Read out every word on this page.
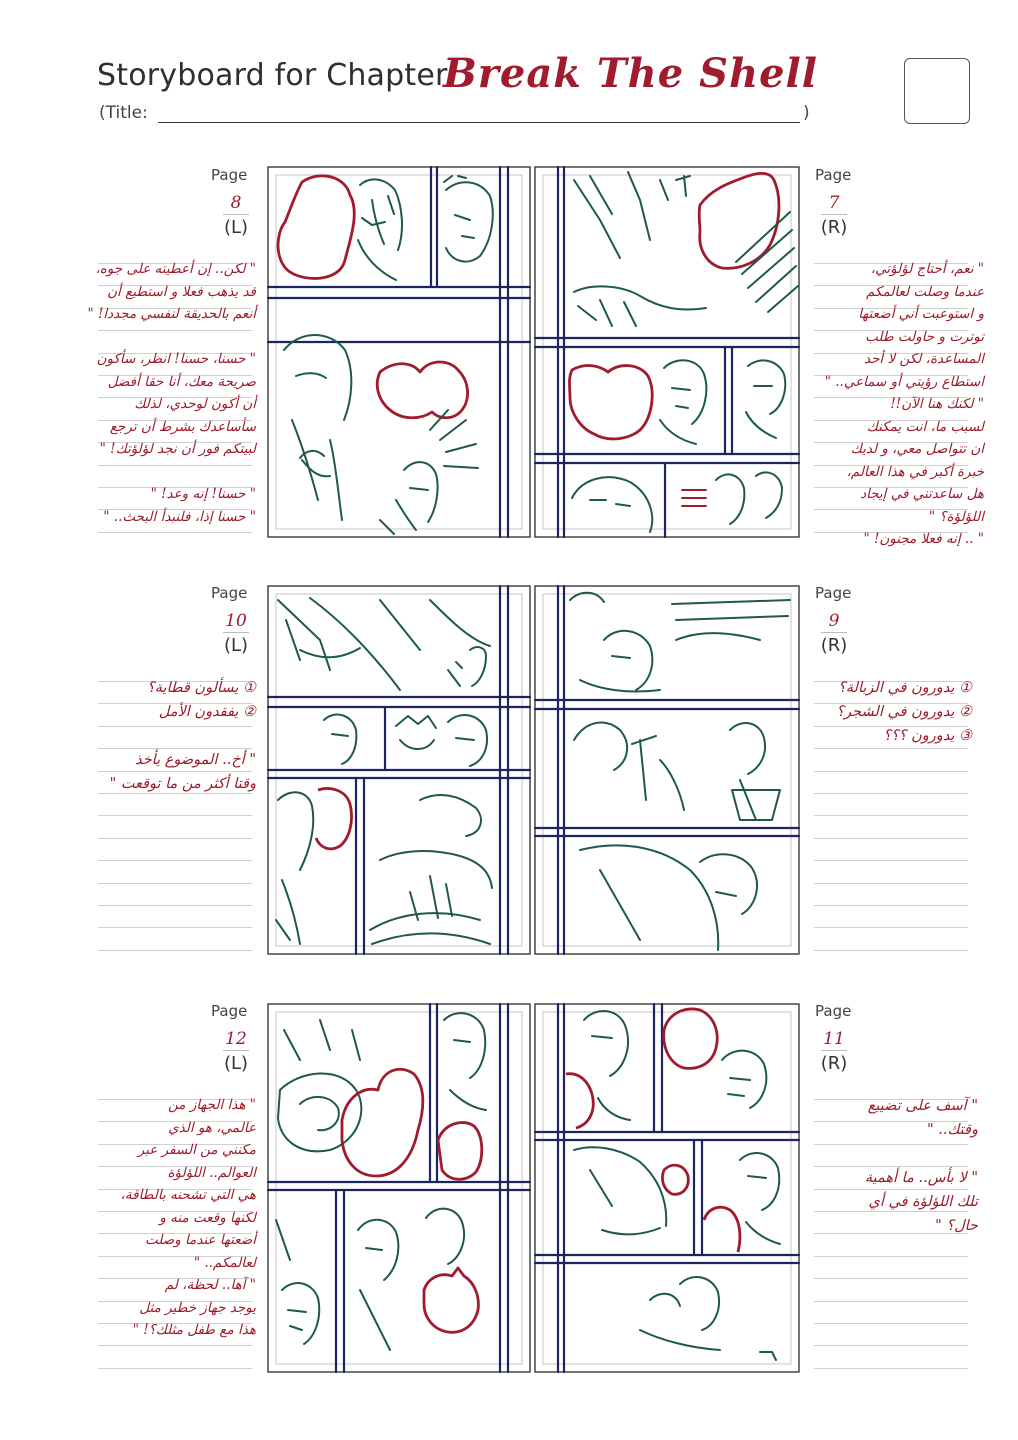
Storyboard for Chapter:
Break The Shell
(Title:	)
Page
8
(L)
Page
7
(R)
Page
10
(L)
Page
9
(R)
Page
12
(L)
Page
11
(R)
" لكن.. إن أعطيته على جوه،
قد يذهب فعلا و استطيع أن
أنعم بالحديقة لنفسي مجددا! "

" حسنا، حسنا! انظر، سأكون
صريحة معك، أنا حقا أفضل
أن أكون لوحدي، لذلك
سأساعدك بشرط أن ترجع
لبيتكم فور أن نجد لؤلؤتك! "

" حسنا! إنه وعد! "
" حسنا إذا، فلنبدأ البحث.. "
" نعم، أحتاج لؤلؤتي،
عندما وصلت لعالمكم
و استوعبت أني أضعتها
توترت و حاولت طلب
المساعدة، لكن لا أحد
استطاع رؤيتي أو سماعي.. "
" لكنك هنا الآن!!
لسبب ما، انت يمكنك
ان تتواصل معي، و لديك
خبرة أكبر في هذا العالم،
هل ساعدتني في إيجاد
اللؤلؤة؟ "
" .. إنه فعلا مجنون! "
① يسألون قطاية؟
② يفقدون الأمل

" أخ.. الموضوع يأخذ
وقتا أكثر من ما توقعت "
① يدورون في الزبالة؟
② يدورون في الشجر؟
③ يدورون ؟؟؟
" هذا الجهاز من
عالمي، هو الذي
مكنني من السفر عبر
العوالم.. اللؤلؤة
هي التي تشحنه بالطاقة،
لكنها وقعت منه و
أضعتها عندما وصلت
لعالمكم.. "
" آها.. لحظة، لم
يوجد جهاز خطير مثل
هذا مع طفل مثلك؟! "
" آسف على تضييع
وقتك.. "

" لا بأس.. ما أهمية
تلك اللؤلؤة في أي
حال؟ "
